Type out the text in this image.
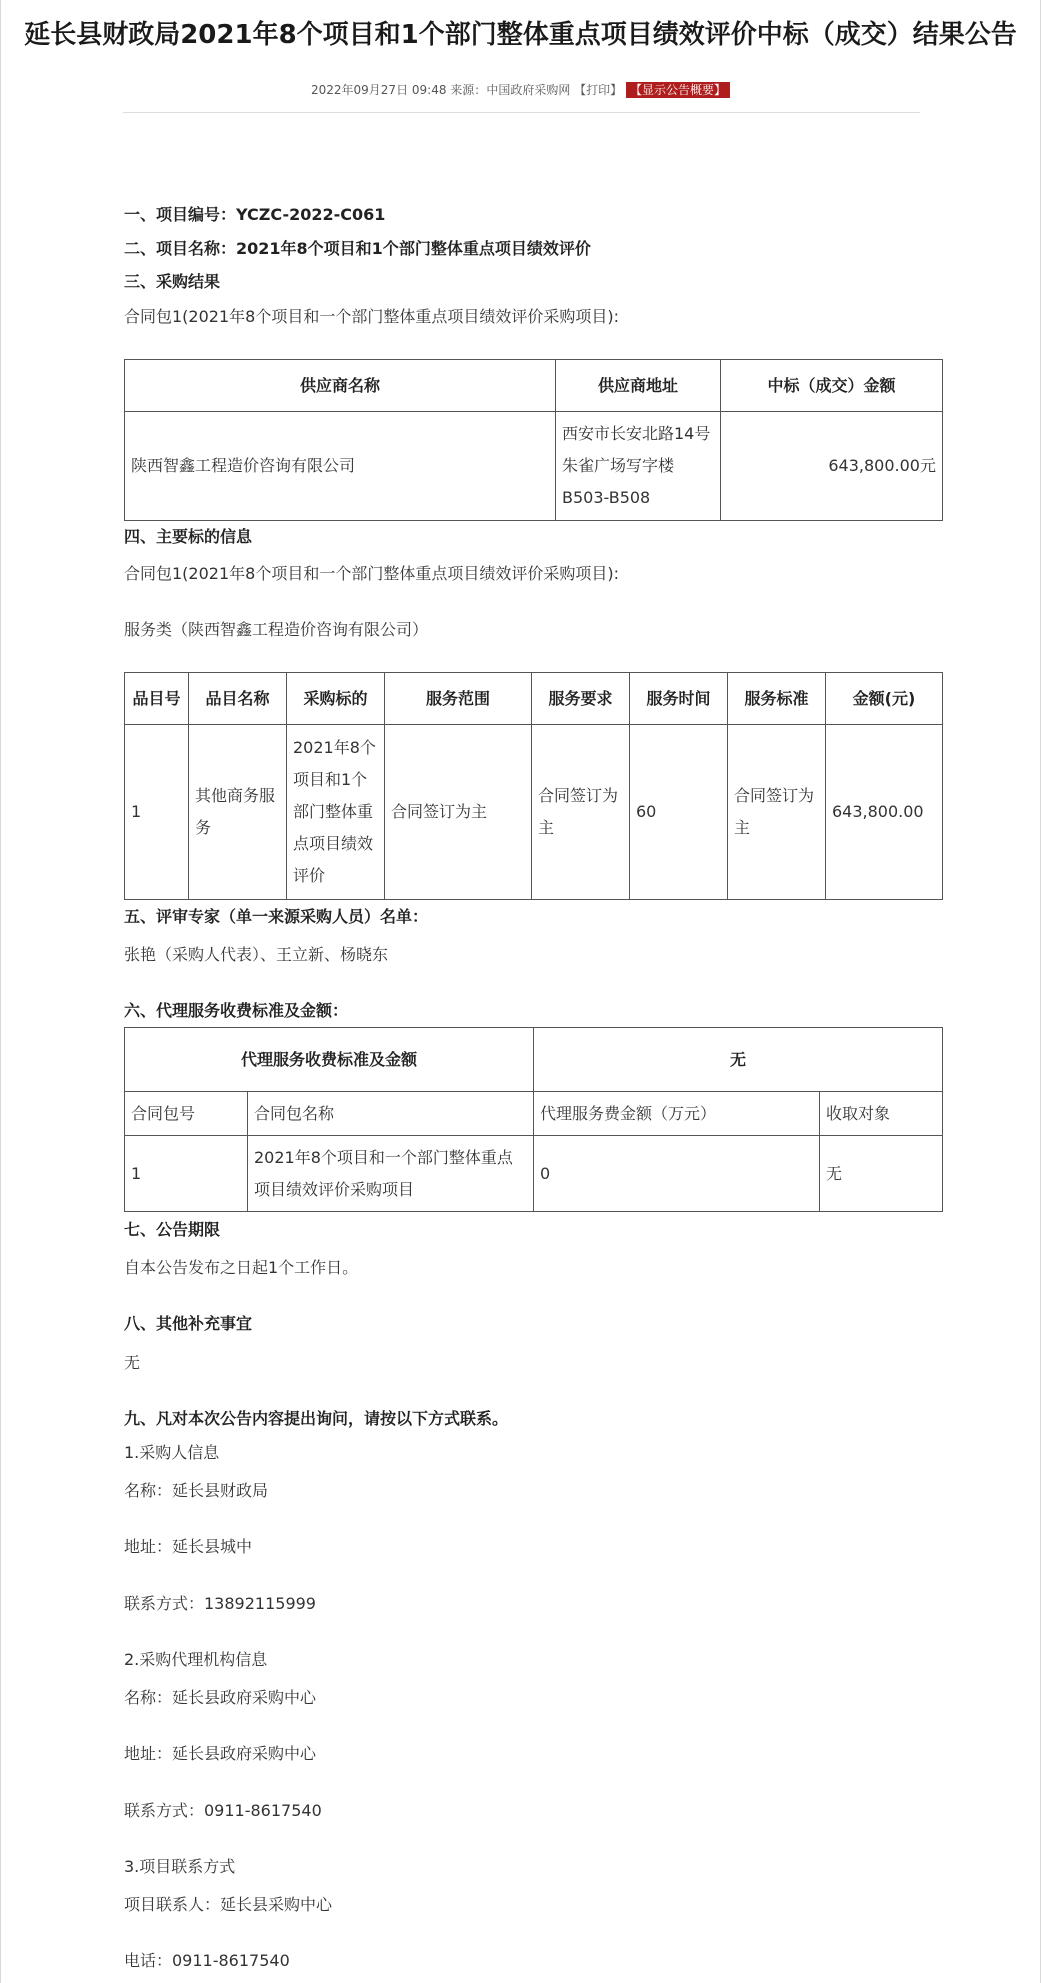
延长县财政局2021年8个项目和1个部门整体重点项目绩效评价中标（成交）结果公告
2022年09月27日 09:48 来源：中国政府采购网 【打印】 【显示公告概要】
一、项目编号：YCZC-2022-C061
二、项目名称：2021年8个项目和1个部门整体重点项目绩效评价
三、采购结果
合同包1(2021年8个项目和一个部门整体重点项目绩效评价采购项目):
供应商名称	供应商地址	中标（成交）金额
陕西智鑫工程造价咨询有限公司	西安市长安北路14号朱雀广场写字楼B503-B508	643,800.00元
四、主要标的信息
合同包1(2021年8个项目和一个部门整体重点项目绩效评价采购项目):
服务类（陕西智鑫工程造价咨询有限公司）
品目号	品目名称	采购标的	服务范围	服务要求	服务时间	服务标准	金额(元)
1	其他商务服务	2021年8个项目和1个部门整体重点项目绩效评价	合同签订为主	合同签订为主	60	合同签订为主	643,800.00
五、评审专家（单一来源采购人员）名单：
张艳（采购人代表）、王立新、杨晓东
六、代理服务收费标准及金额：
代理服务收费标准及金额		无	
合同包号	合同包名称	代理服务费金额（万元）	收取对象
1	2021年8个项目和一个部门整体重点项目绩效评价采购项目	0	无
七、公告期限
自本公告发布之日起1个工作日。
八、其他补充事宜
无
九、凡对本次公告内容提出询问，请按以下方式联系。
1.采购人信息
名称：延长县财政局
地址：延长县城中
联系方式：13892115999
2.采购代理机构信息
名称：延长县政府采购中心
地址：延长县政府采购中心
联系方式：0911-8617540
3.项目联系方式
项目联系人：延长县采购中心
电话：0911-8617540
